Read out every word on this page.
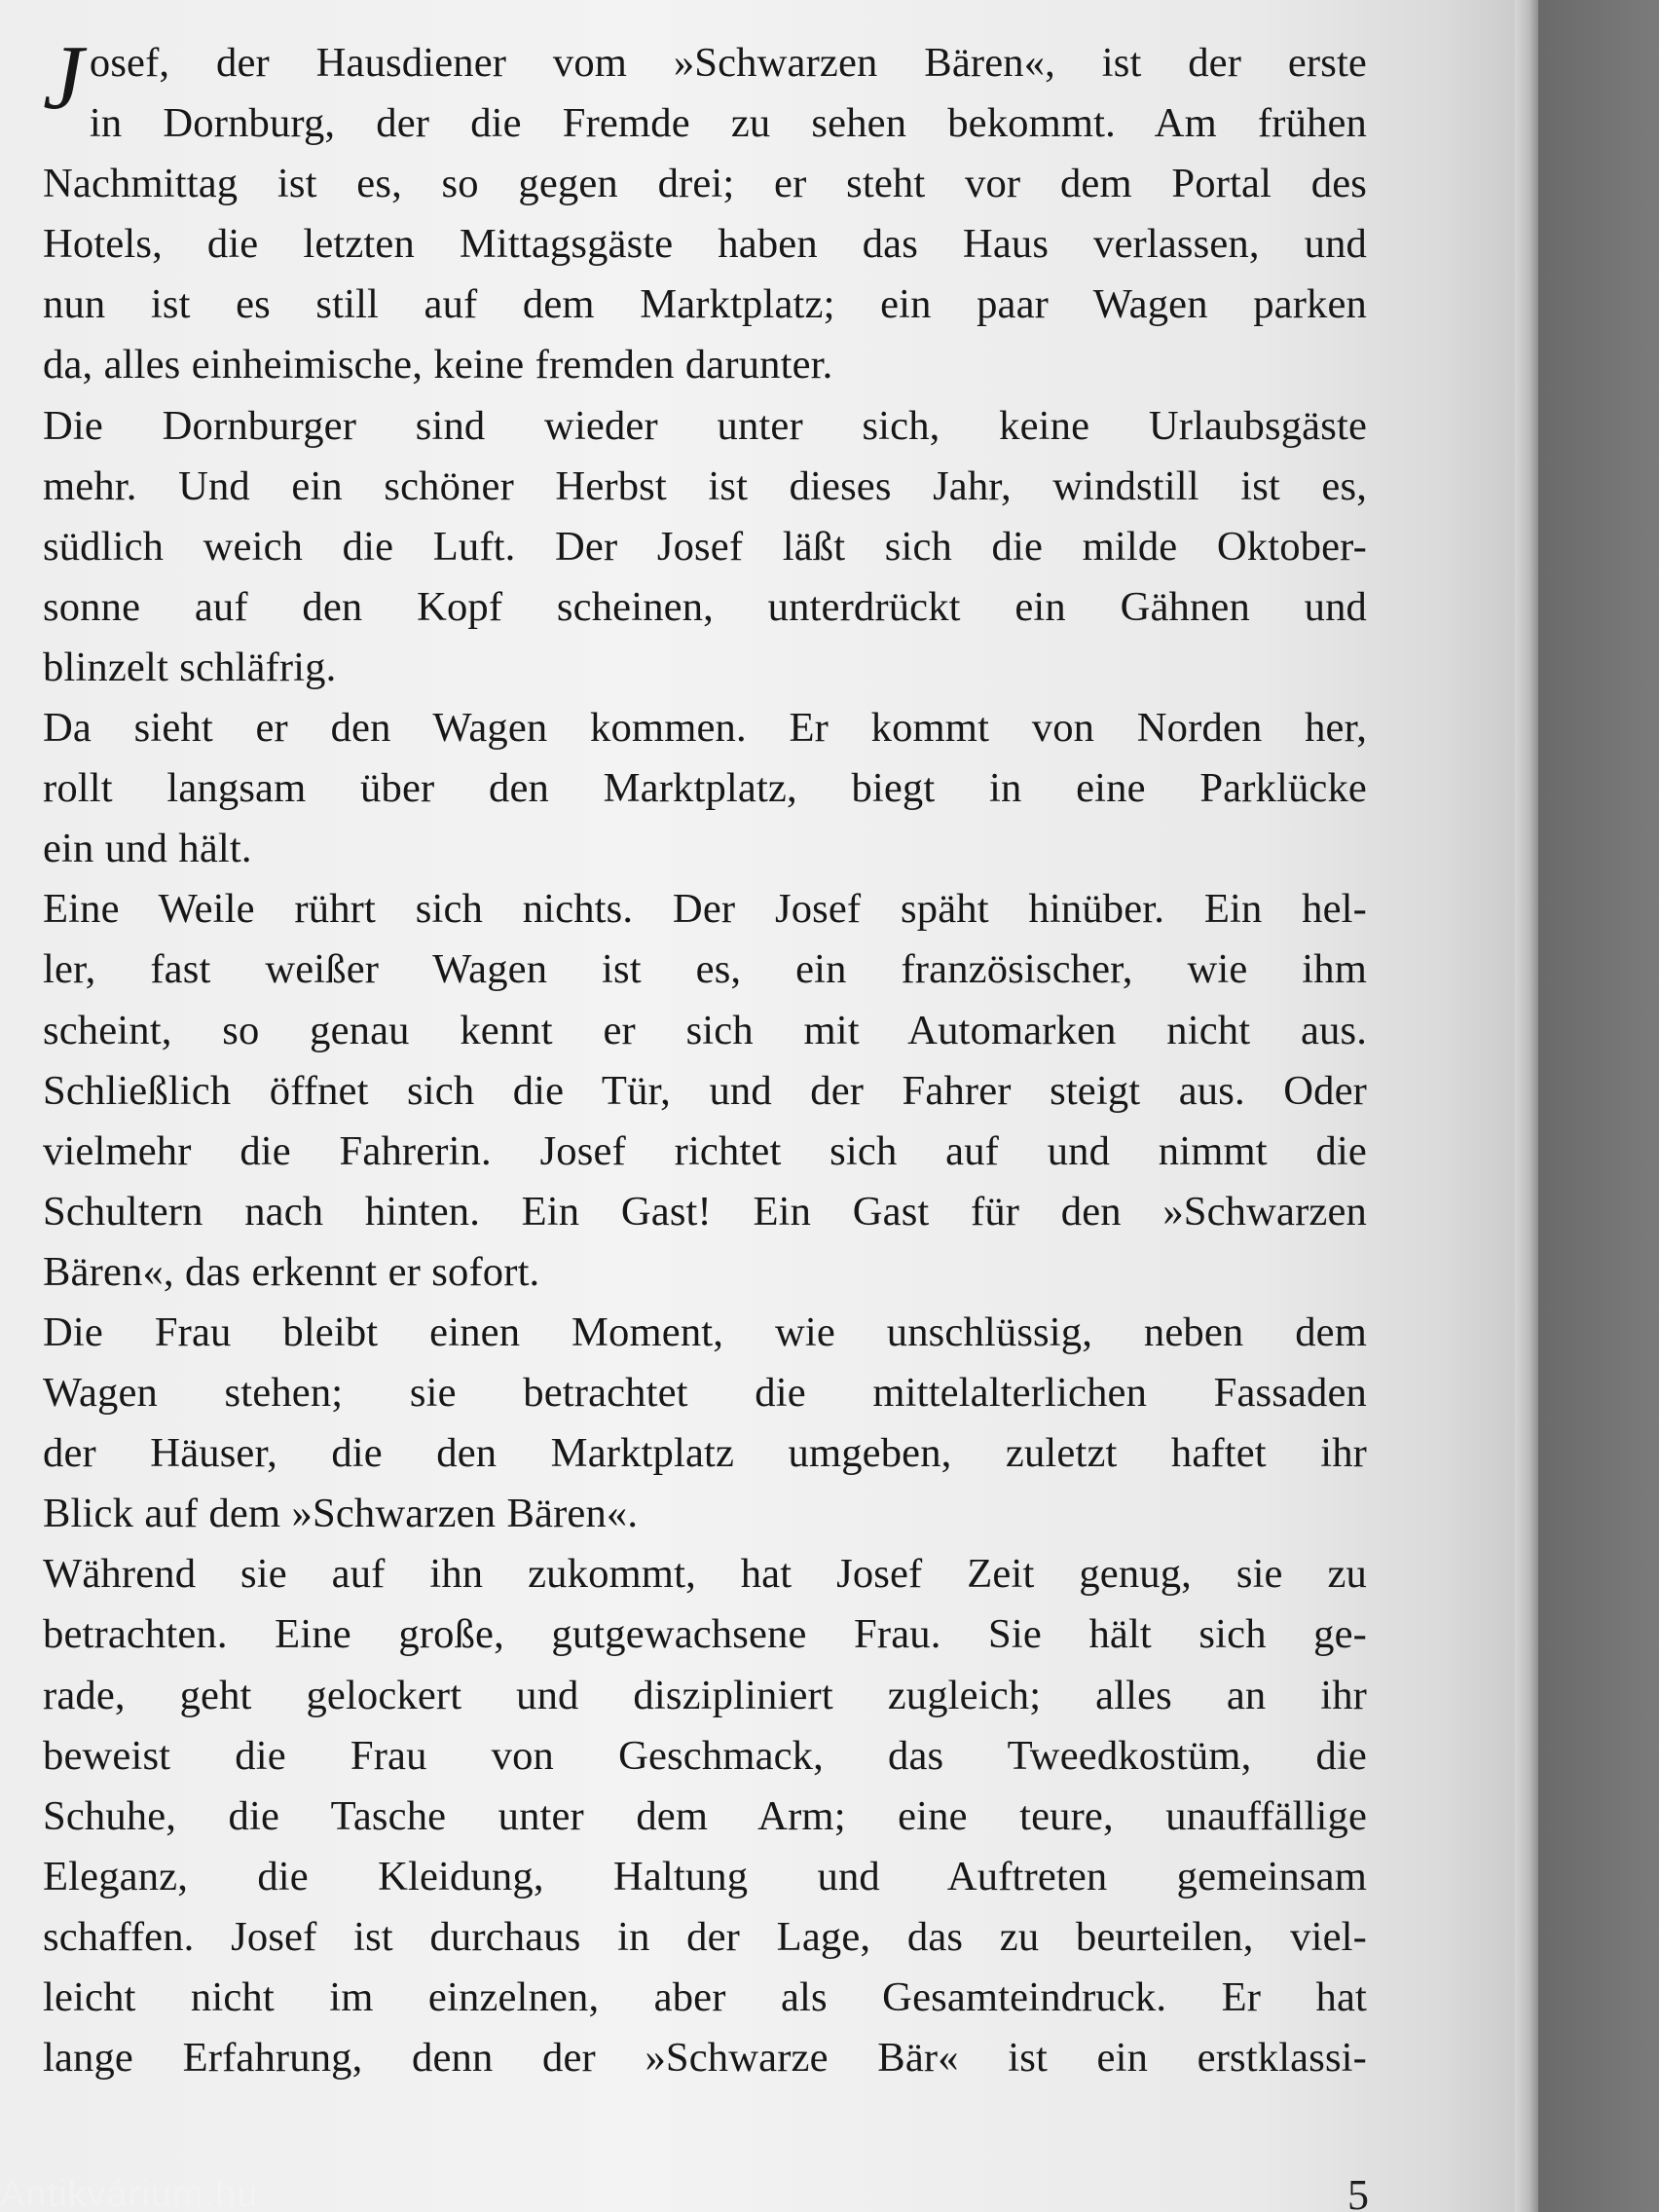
J osef, der Hausdiener vom »Schwarzen Bären«, ist der erste
in Dornburg, der die Fremde zu sehen bekommt. Am frühen
Nachmittag ist es, so gegen drei; er steht vor dem Portal des
Hotels, die letzten Mittagsgäste haben das Haus verlassen, und
nun ist es still auf dem Marktplatz; ein paar Wagen parken
da, alles einheimische, keine fremden darunter.
Die Dornburger sind wieder unter sich, keine Urlaubsgäste
mehr. Und ein schöner Herbst ist dieses Jahr, windstill ist es,
südlich weich die Luft. Der Josef läßt sich die milde Oktober-
sonne auf den Kopf scheinen, unterdrückt ein Gähnen und
blinzelt schläfrig.
Da sieht er den Wagen kommen. Er kommt von Norden her,
rollt langsam über den Marktplatz, biegt in eine Parklücke
ein und hält.
Eine Weile rührt sich nichts. Der Josef späht hinüber. Ein hel-
ler, fast weißer Wagen ist es, ein französischer, wie ihm
scheint, so genau kennt er sich mit Automarken nicht aus.
Schließlich öffnet sich die Tür, und der Fahrer steigt aus. Oder
vielmehr die Fahrerin. Josef richtet sich auf und nimmt die
Schultern nach hinten. Ein Gast! Ein Gast für den »Schwarzen
Bären«, das erkennt er sofort.
Die Frau bleibt einen Moment, wie unschlüssig, neben dem
Wagen stehen; sie betrachtet die mittelalterlichen Fassaden
der Häuser, die den Marktplatz umgeben, zuletzt haftet ihr
Blick auf dem »Schwarzen Bären«.
Während sie auf ihn zukommt, hat Josef Zeit genug, sie zu
betrachten. Eine große, gutgewachsene Frau. Sie hält sich ge-
rade, geht gelockert und diszipliniert zugleich; alles an ihr
beweist die Frau von Geschmack, das Tweedkostüm, die
Schuhe, die Tasche unter dem Arm; eine teure, unauffällige
Eleganz, die Kleidung, Haltung und Auftreten gemeinsam
schaffen. Josef ist durchaus in der Lage, das zu beurteilen, viel-
leicht nicht im einzelnen, aber als Gesamteindruck. Er hat
lange Erfahrung, denn der »Schwarze Bär« ist ein erstklassi-
Antikvárium.hu	5
